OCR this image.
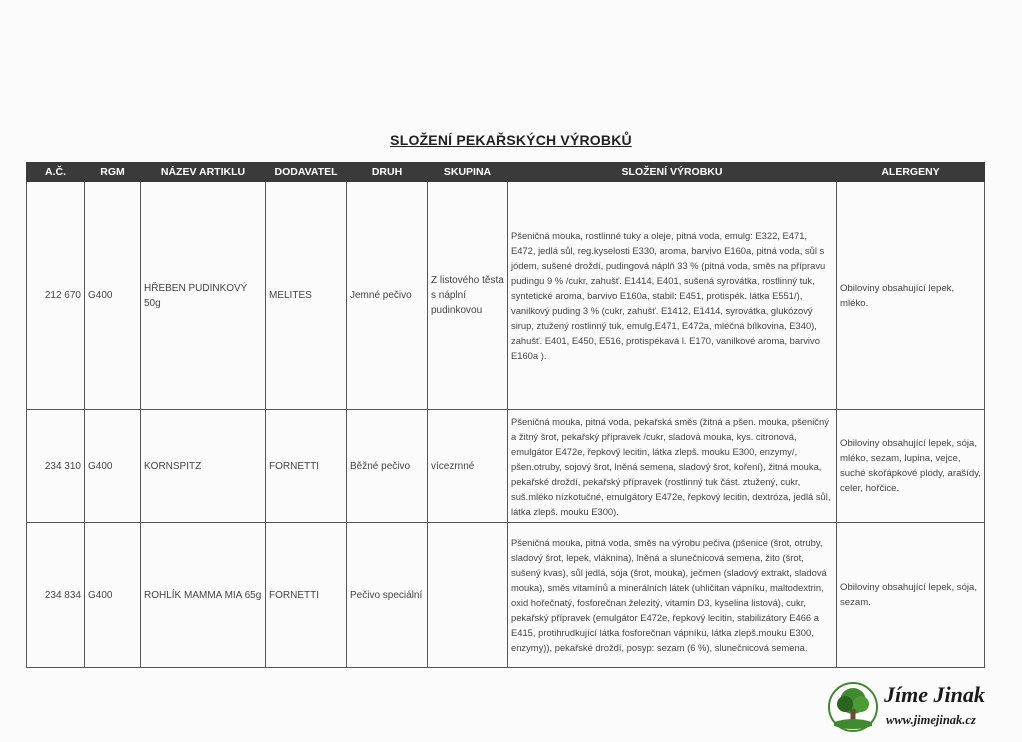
SLOŽENÍ PEKAŘSKÝCH VÝROBKŮ
A.Č.	RGM	NÁZEV ARTIKLU	DODAVATEL	DRUH	SKUPINA	SLOŽENÍ VÝROBKU	ALERGENY
212 670	G400	HŘEBEN PUDINKOVÝ 50g	MELITES	Jemné pečivo	Z listového těsta s náplní pudinkovou	Pšeničná mouka, rostlinné tuky a oleje, pitná voda, emulg: E322, E471, E472, jedlá sůl, reg.kyselosti E330, aroma, barvivo E160a, pitná voda, sůl s jódem, sušené droždí, pudingová náplň 33 % (pitná voda, směs na přípravu pudingu 9 % /cukr, zahušť. E1414, E401, sušená syrovátka, rostlinný tuk, syntetické aroma, barvivo E160a, stabil: E451, protispék. látka E551/), vanilkový puding 3 % (cukr, zahušť. E1412, E1414, syrovátka, glukózový sirup, ztužený rostlinný tuk, emulg.E471, E472a, mléčná bílkovina, E340), zahušť. E401, E450, E516, protispékavá l. E170, vanilkové aroma, barvivo E160a ).	Obiloviny obsahující lepek, mléko.
234 310	G400	KORNSPITZ	FORNETTI	Běžné pečivo	vícezrnné	Pšeničná mouka, pitná voda, pekařská směs (žitná a pšen. mouka, pšeničný a žitný šrot, pekařský přípravek /cukr, sladová mouka, kys. citronová, emulgátor E472e, řepkový lecitin, látka zlepš. mouku E300, enzymy/, pšen.otruby, sojový šrot, lněná semena, sladový šrot, koření), žitná mouka, pekařské droždí, pekařský přípravek (rostlinný tuk část. ztužený, cukr, suš.mléko nízkotučné, emulgátory E472e, řepkový lecitin, dextróza, jedlá sůl, látka zlepš. mouku E300).	Obiloviny obsahující lepek, sója, mléko, sezam, lupina, vejce, suché skořápkové plody, arašídy, celer, hořčice.
234 834	G400	ROHLÍK MAMMA MIA 65g	FORNETTI	Pečivo speciální		Pšeničná mouka, pitná voda, směs na výrobu pečiva (pšenice (šrot, otruby, sladový šrot, lepek, vláknina), lněná a slunečnicová semena, žito (šrot, sušený kvas), sůl jedlá, sója (šrot, mouka), ječmen (sladový extrakt, sladová mouka), směs vitamínů a minerálních látek (uhličitan vápníku, maltodextrin, oxid hořečnatý, fosforečnan železitý, vitamin D3, kyselina listová), cukr, pekařský přípravek (emulgátor E472e, řepkový lecitin, stabilizátory E466 a E415, protihrudkující látka fosforečnan vápníku, látka zlepš.mouku E300, enzymy)), pekařské droždí, posyp: sezam (6 %), slunečnicová semena.	Obiloviny obsahující lepek, sója, sezam.
Jíme Jinak
www.jimejinak.cz
